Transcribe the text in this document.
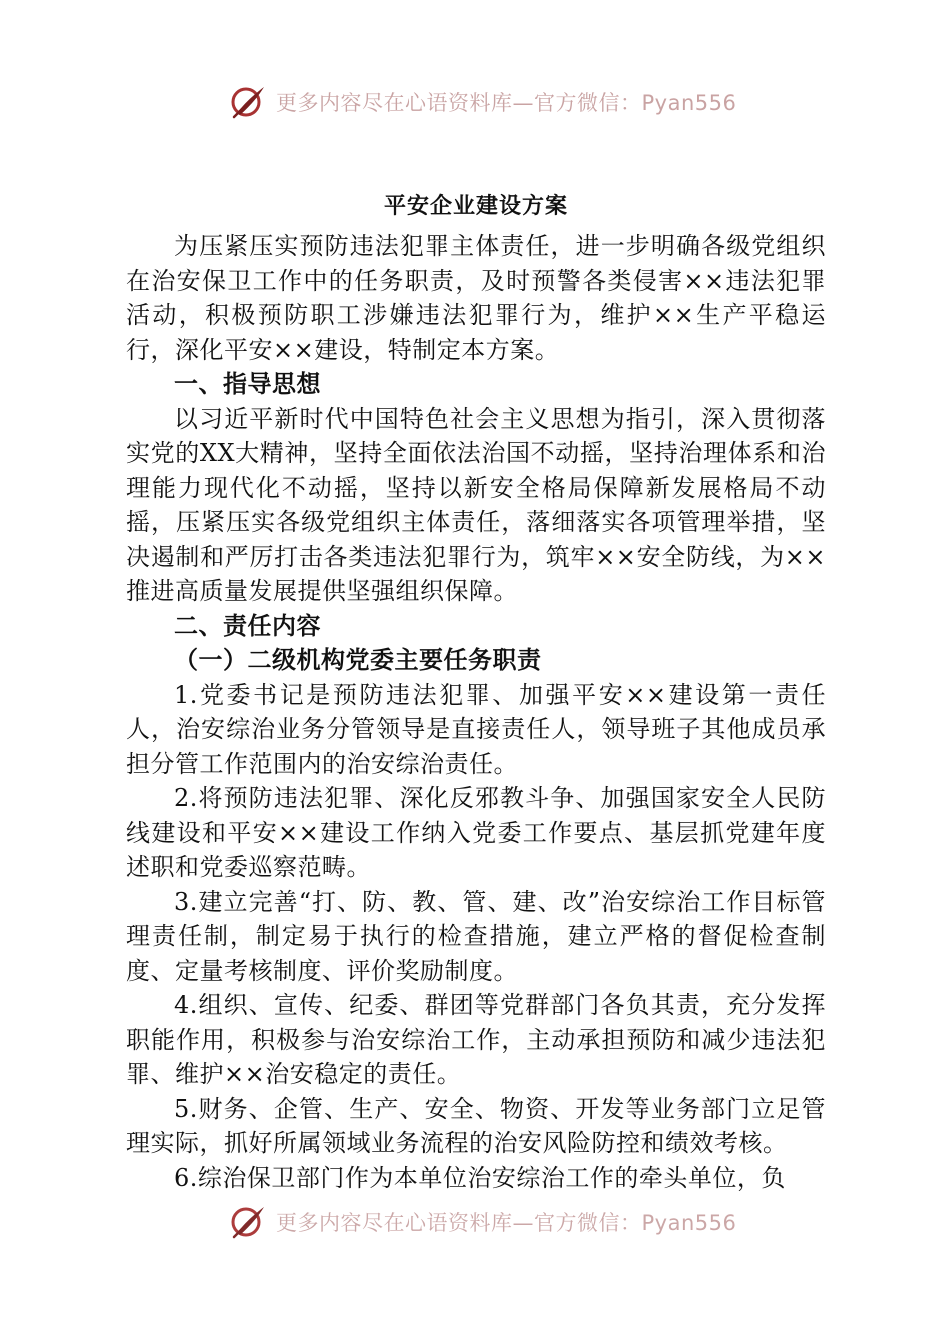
更多内容尽在心语资料库—官方微信：Pyan556
平安企业建设方案

为压紧压实预防违法犯罪主体责任，进一步明确各级党组织在治安保卫工作中的任务职责，及时预警各类侵害××违法犯罪活动，积极预防职工涉嫌违法犯罪行为，维护××生产平稳运行，深化平安××建设，特制定本方案。

一、指导思想

以习近平新时代中国特色社会主义思想为指引，深入贯彻落实党的XX大精神，坚持全面依法治国不动摇，坚持治理体系和治理能力现代化不动摇，坚持以新安全格局保障新发展格局不动摇，压紧压实各级党组织主体责任，落细落实各项管理举措，坚决遏制和严厉打击各类违法犯罪行为，筑牢××安全防线，为××推进高质量发展提供坚强组织保障。

二、责任内容

（一）二级机构党委主要任务职责

1.党委书记是预防违法犯罪、加强平安××建设第一责任人，治安综治业务分管领导是直接责任人，领导班子其他成员承担分管工作范围内的治安综治责任。

2.将预防违法犯罪、深化反邪教斗争、加强国家安全人民防线建设和平安××建设工作纳入党委工作要点、基层抓党建年度述职和党委巡察范畴。

3.建立完善“打、防、教、管、建、改”治安综治工作目标管理责任制，制定易于执行的检查措施，建立严格的督促检查制度、定量考核制度、评价奖励制度。

4.组织、宣传、纪委、群团等党群部门各负其责，充分发挥职能作用，积极参与治安综治工作，主动承担预防和减少违法犯罪、维护××治安稳定的责任。

5.财务、企管、生产、安全、物资、开发等业务部门立足管理实际，抓好所属领域业务流程的治安风险防控和绩效考核。

6.综治保卫部门作为本单位治安综治工作的牵头单位，负

更多内容尽在心语资料库—官方微信：Pyan556
